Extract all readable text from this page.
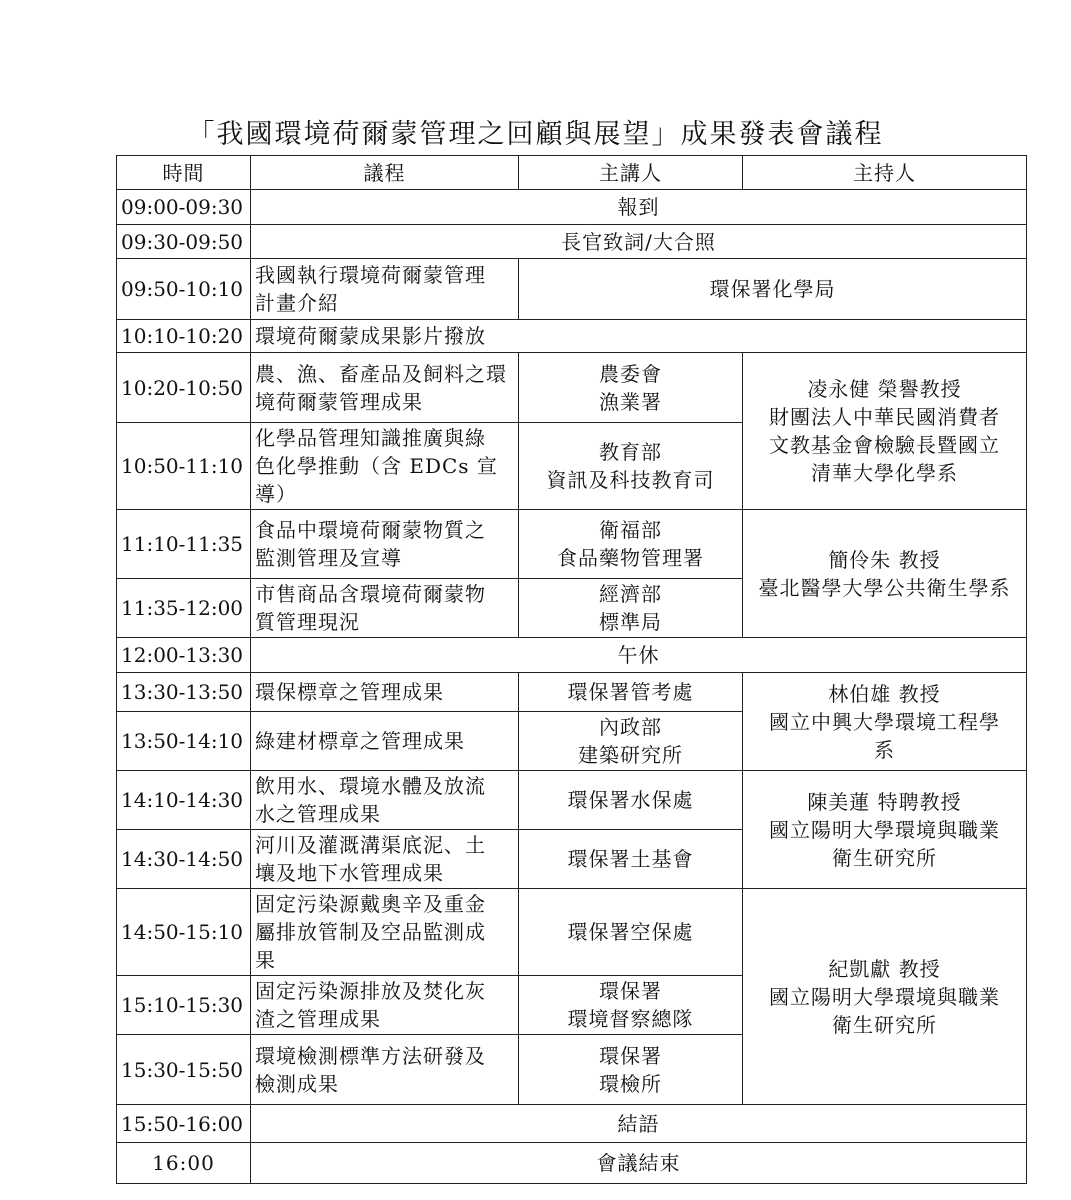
「我國環境荷爾蒙管理之回顧與展望」成果發表會議程
時間	議程	主講人	主持人
09:00-09:30	報到		
09:30-09:50	長官致詞/大合照		
09:50-10:10	我國執行環境荷爾蒙管理
計畫介紹	環保署化學局	
10:10-10:20	環境荷爾蒙成果影片撥放		
10:20-10:50	農、漁、畜產品及飼料之環
境荷爾蒙管理成果	農委會
漁業署	凌永健 榮譽教授
財團法人中華民國消費者
文教基金會檢驗長暨國立
清華大學化學系

10:50-11:10	化學品管理知識推廣與綠
色化學推動（含 EDCs 宣
導）	教育部
資訊及科技教育司	

11:10-11:35	食品中環境荷爾蒙物質之
監測管理及宣導	衛福部
食品藥物管理署	簡伶朱 教授
臺北醫學大學公共衛生學系

11:35-12:00	市售商品含環境荷爾蒙物
質管理現況	經濟部
標準局	

12:00-13:30	午休		
13:30-13:50	環保標章之管理成果	環保署管考處	林伯雄 教授
國立中興大學環境工程學
系

13:50-14:10	綠建材標章之管理成果	內政部
建築研究所	

14:10-14:30	飲用水、環境水體及放流
水之管理成果	環保署水保處	陳美蓮 特聘教授
國立陽明大學環境與職業
衛生研究所

14:30-14:50	河川及灌溉溝渠底泥、土
壤及地下水管理成果	環保署土基會	
14:50-15:10	固定污染源戴奧辛及重金
屬排放管制及空品監測成
果	環保署空保處	紀凱獻 教授
國立陽明大學環境與職業
衛生研究所

15:10-15:30	固定污染源排放及焚化灰
渣之管理成果	環保署
環境督察總隊	

15:30-15:50	環境檢測標準方法研發及
檢測成果	環保署
環檢所	

15:50-16:00	結語		
16:00	會議結束		
